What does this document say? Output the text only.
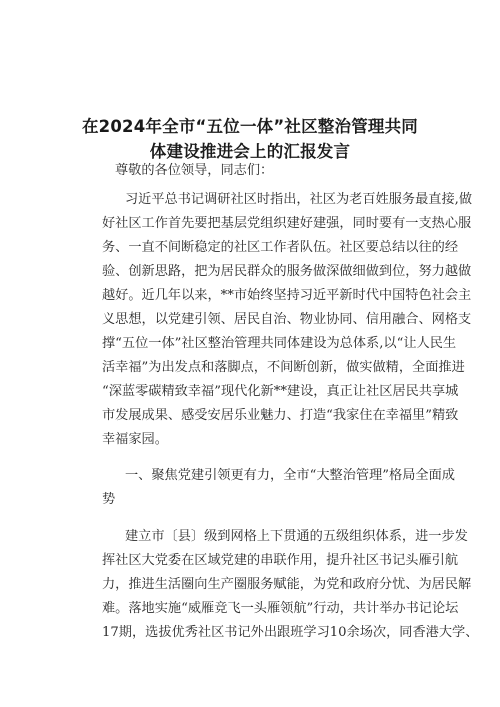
在2024年全市“五位一体”社区整治管理共同
体建设推进会上的汇报发言
尊敬的各位领导，同志们：
习近平总书记调研社区时指出，社区为老百姓服务最直接,做
好社区工作首先要把基层党组织建好建强，同时要有一支热心服
务、一直不间断稳定的社区工作者队伍。社区要总结以往的经
验、创新思路，把为居民群众的服务做深做细做到位，努力越做
越好。近几年以来，**市始终坚持习近平新时代中国特色社会主
义思想，以党建引领、居民自治、物业协同、信用融合、网格支
撑“五位一体”社区整治管理共同体建设为总体系,以“让人民生
活幸福”为出发点和落脚点，不间断创新，做实做精，全面推进
“深蓝零碳精致幸福”现代化新**建设，真正让社区居民共享城
市发展成果、感受安居乐业魅力、打造“我家住在幸福里”精致
幸福家园。
一、聚焦党建引领更有力，全市“大整治管理”格局全面成
势
建立市〔县〕级到网格上下贯通的五级组织体系，进一步发
挥社区大党委在区域党建的串联作用，提升社区书记头雁引航
力，推进生活圈向生产圈服务赋能，为党和政府分忧、为居民解
难。落地实施“威雁竞飞一头雁领航”行动，共计举办书记论坛
17期，选拔优秀社区书记外出跟班学习10余场次，同香港大学、
